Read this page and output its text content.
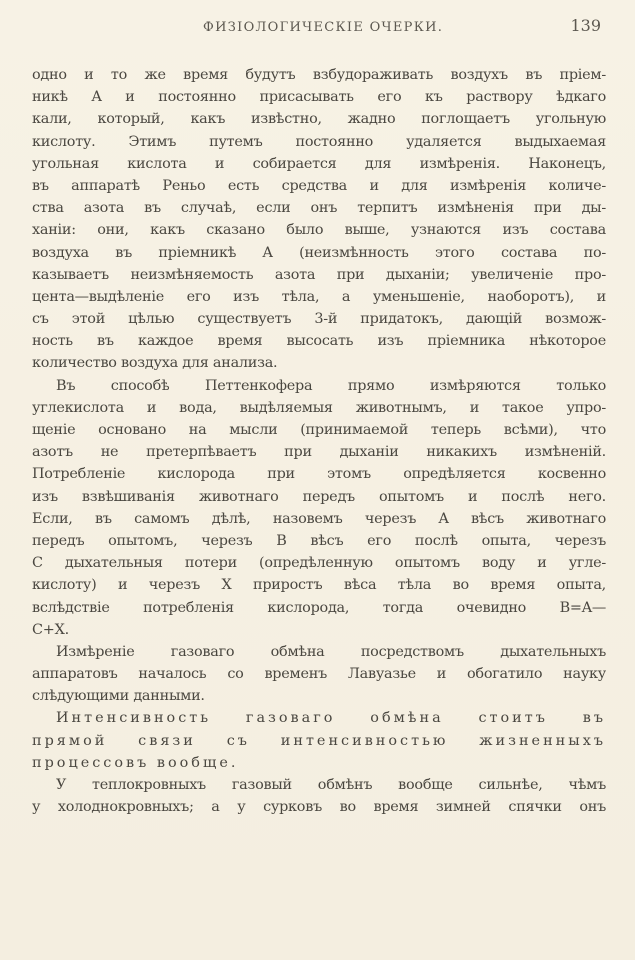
ФИЗІОЛОГИЧЕСКІЕ ОЧЕРКИ.	139
одно и то же время будутъ взбудораживать воздухъ въ пріем-
никѣ A и постоянно присасывать его къ раствору ѣдкаго
кали, который, какъ извѣстно, жадно поглощаетъ угольную
кислоту. Этимъ путемъ постоянно удаляется выдыхаемая
угольная кислота и собирается для измѣренія. Наконецъ,
въ аппаратѣ Реньо есть средства и для измѣренія количе-
ства азота въ случаѣ, если онъ терпитъ измѣненія при ды-
ханіи: они, какъ сказано было выше, узнаются изъ состава
воздуха въ пріемникѣ A (неизмѣнность этого состава по-
казываетъ неизмѣняемость азота при дыханіи; увеличеніе про-
цента—выдѣленіе его изъ тѣла, а уменьшеніе, наоборотъ), и
съ этой цѣлью существуетъ 3-й придатокъ, дающій возмож-
ность въ каждое время высосать изъ пріемника нѣкоторое
количество воздуха для анализа.
Въ способѣ Петтенкофера прямо измѣряются только
углекислота и вода, выдѣляемыя животнымъ, и такое упро-
щеніе основано на мысли (принимаемой теперь всѣми), что
азотъ не претерпѣваетъ при дыханіи никакихъ измѣненій.
Потребленіе кислорода при этомъ опредѣляется косвенно
изъ взвѣшиванія животнаго передъ опытомъ и послѣ него.
Если, въ самомъ дѣлѣ, назовемъ черезъ A вѣсъ животнаго
передъ опытомъ, черезъ B вѣсъ его послѣ опыта, черезъ
C дыхательныя потери (опредѣленную опытомъ воду и угле-
кислоту) и черезъ X приростъ вѣса тѣла во время опыта,
вслѣдствіе потребленія кислорода, тогда очевидно B=A—
C+X.
Измѣреніе газоваго обмѣна посредствомъ дыхательныхъ
аппаратовъ началось со временъ Лавуазье и обогатило науку
слѣдующими данными.
Интенсивность газоваго обмѣна стоитъ въ
прямой связи съ интенсивностью жизненныхъ
процессовъ вообще.
У теплокровныхъ газовый обмѣнъ вообще сильнѣе, чѣмъ
у холоднокровныхъ; а у сурковъ во время зимней спячки онъ
